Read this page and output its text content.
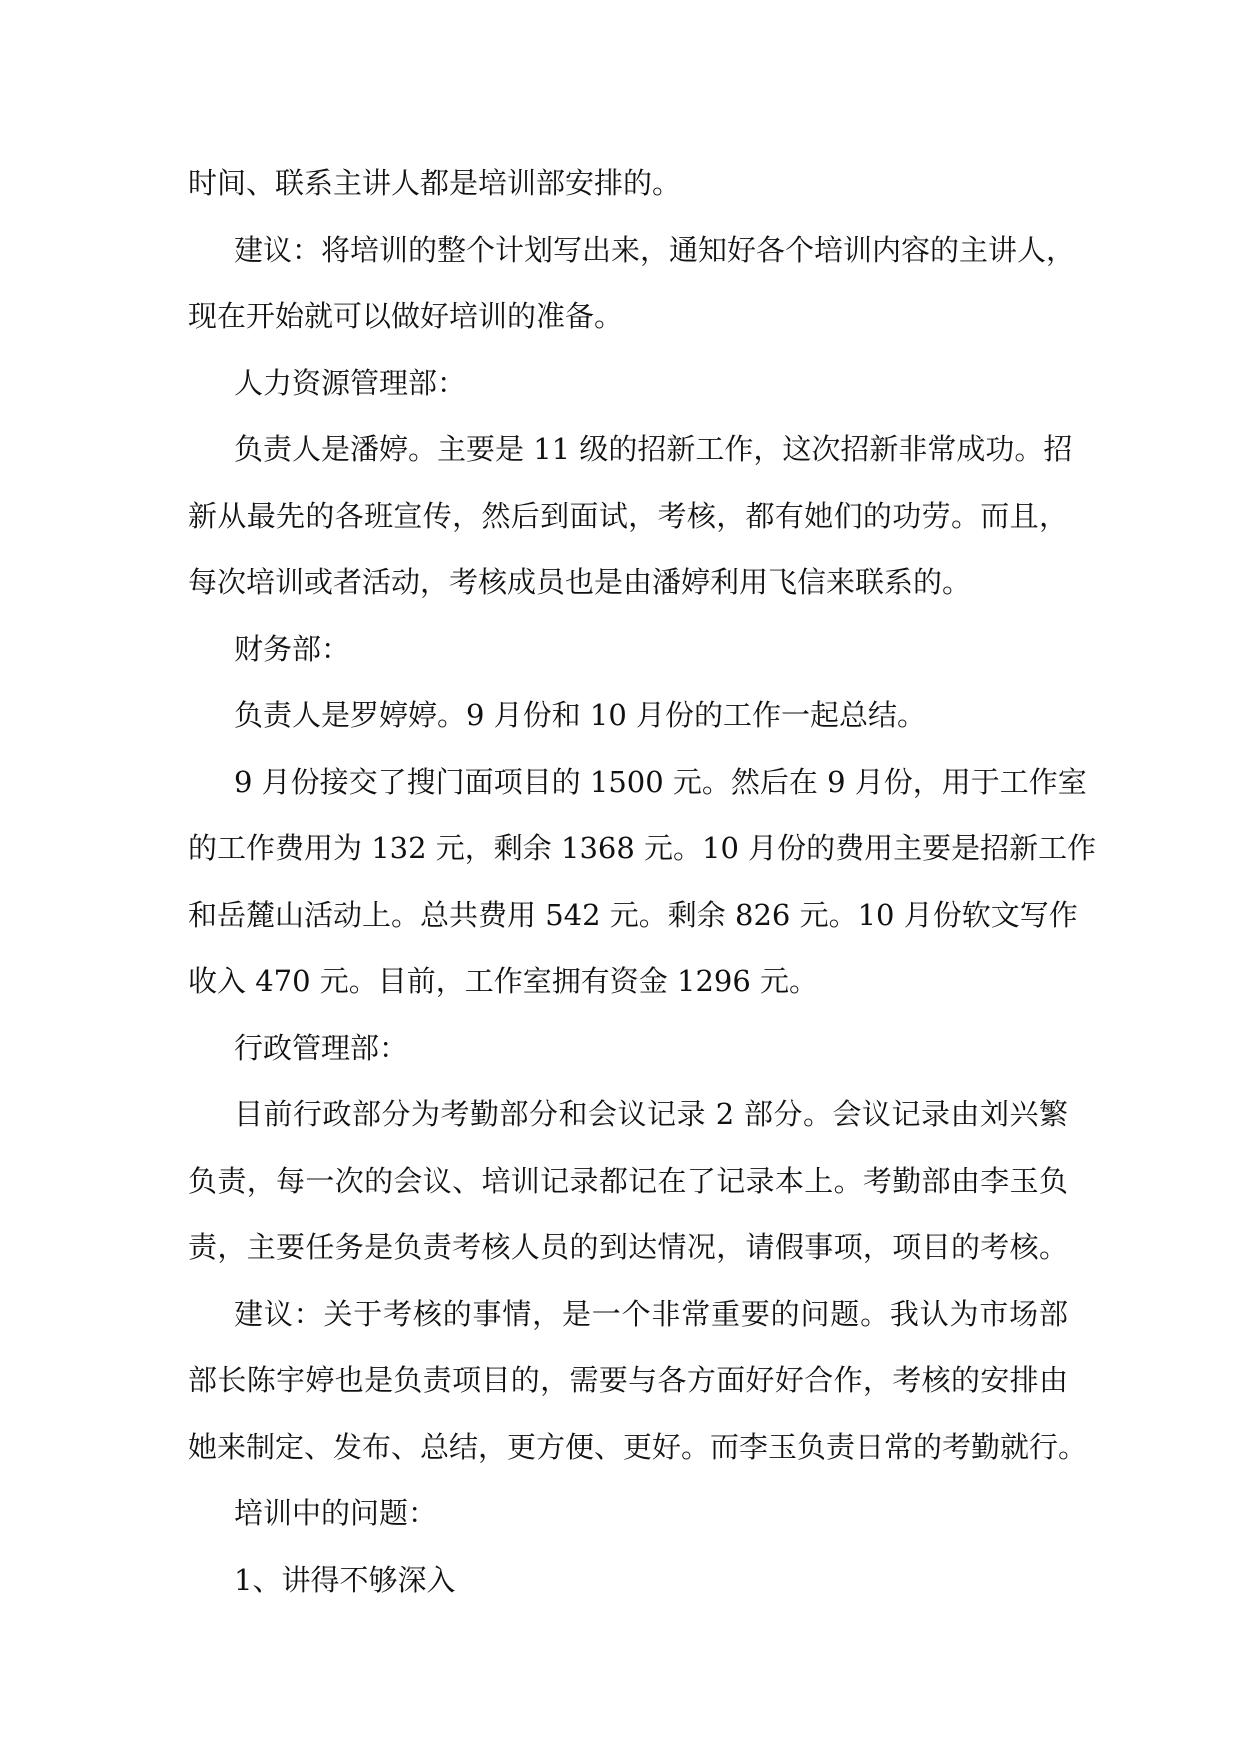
时间、联系主讲人都是培训部安排的。
建议：将培训的整个计划写出来，通知好各个培训内容的主讲人，
现在开始就可以做好培训的准备。
人力资源管理部：
负责人是潘婷。主要是 11 级的招新工作，这次招新非常成功。招
新从最先的各班宣传，然后到面试，考核，都有她们的功劳。而且，
每次培训或者活动，考核成员也是由潘婷利用飞信来联系的。
财务部：
负责人是罗婷婷。9 月份和 10 月份的工作一起总结。
9 月份接交了搜门面项目的 1500 元。然后在 9 月份，用于工作室
的工作费用为 132 元，剩余 1368 元。10 月份的费用主要是招新工作
和岳麓山活动上。总共费用 542 元。剩余 826 元。10 月份软文写作
收入 470 元。目前，工作室拥有资金 1296 元。
行政管理部：
目前行政部分为考勤部分和会议记录 2 部分。会议记录由刘兴繁
负责，每一次的会议、培训记录都记在了记录本上。考勤部由李玉负
责，主要任务是负责考核人员的到达情况，请假事项，项目的考核。
建议：关于考核的事情，是一个非常重要的问题。我认为市场部
部长陈宇婷也是负责项目的，需要与各方面好好合作，考核的安排由
她来制定、发布、总结，更方便、更好。而李玉负责日常的考勤就行。
培训中的问题：
1、讲得不够深入
